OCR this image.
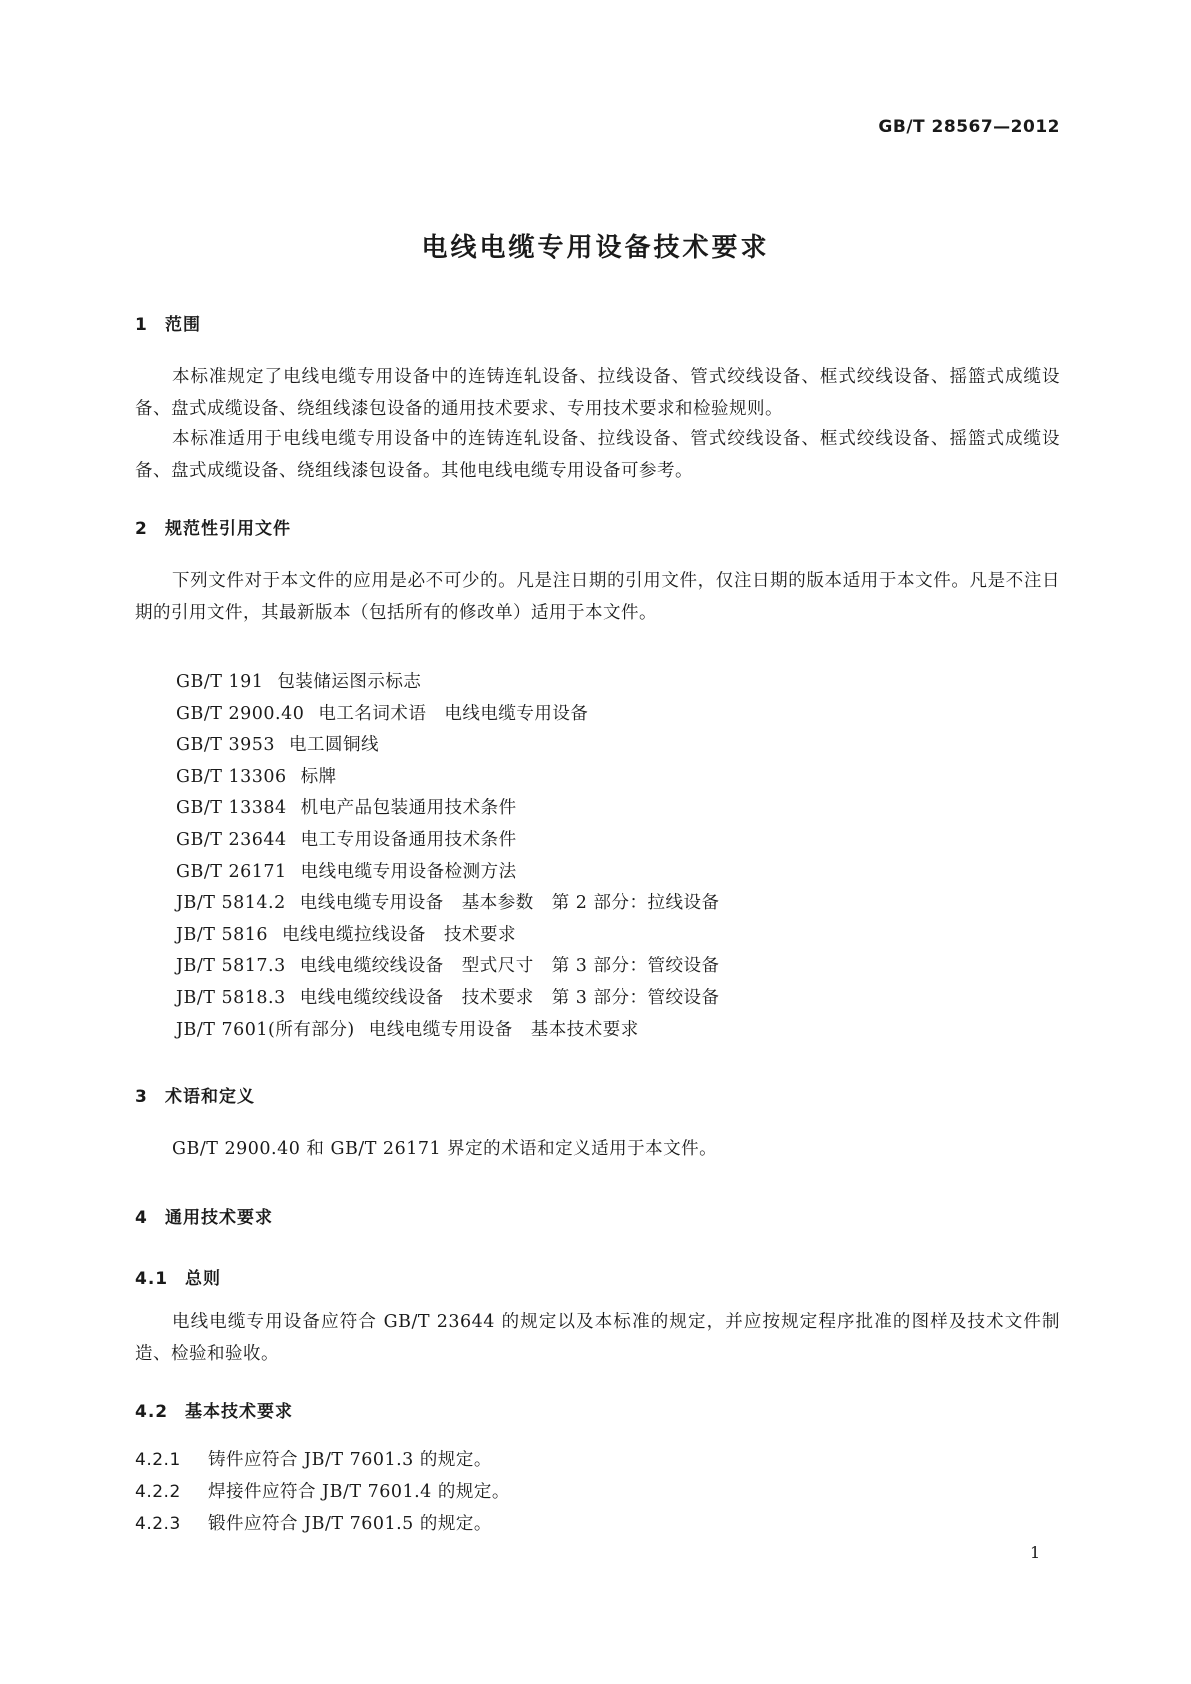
GB/T 28567—2012
电线电缆专用设备技术要求
1 范围
本标准规定了电线电缆专用设备中的连铸连轧设备、拉线设备、管式绞线设备、框式绞线设备、摇篮式成缆设备、盘式成缆设备、绕组线漆包设备的通用技术要求、专用技术要求和检验规则。
本标准适用于电线电缆专用设备中的连铸连轧设备、拉线设备、管式绞线设备、框式绞线设备、摇篮式成缆设备、盘式成缆设备、绕组线漆包设备。其他电线电缆专用设备可参考。
2 规范性引用文件
下列文件对于本文件的应用是必不可少的。凡是注日期的引用文件，仅注日期的版本适用于本文件。凡是不注日期的引用文件，其最新版本（包括所有的修改单）适用于本文件。
GB/T 191 包装储运图示标志
GB/T 2900.40 电工名词术语　电线电缆专用设备
GB/T 3953 电工圆铜线
GB/T 13306 标牌
GB/T 13384 机电产品包装通用技术条件
GB/T 23644 电工专用设备通用技术条件
GB/T 26171 电线电缆专用设备检测方法
JB/T 5814.2 电线电缆专用设备　基本参数　第 2 部分：拉线设备
JB/T 5816 电线电缆拉线设备　技术要求
JB/T 5817.3 电线电缆绞线设备　型式尺寸　第 3 部分：管绞设备
JB/T 5818.3 电线电缆绞线设备　技术要求　第 3 部分：管绞设备
JB/T 7601(所有部分) 电线电缆专用设备　基本技术要求
3 术语和定义
GB/T 2900.40 和 GB/T 26171 界定的术语和定义适用于本文件。
4 通用技术要求
4.1 总则
电线电缆专用设备应符合 GB/T 23644 的规定以及本标准的规定，并应按规定程序批准的图样及技术文件制造、检验和验收。
4.2 基本技术要求
4.2.1 铸件应符合 JB/T 7601.3 的规定。
4.2.2 焊接件应符合 JB/T 7601.4 的规定。
4.2.3 锻件应符合 JB/T 7601.5 的规定。
1
